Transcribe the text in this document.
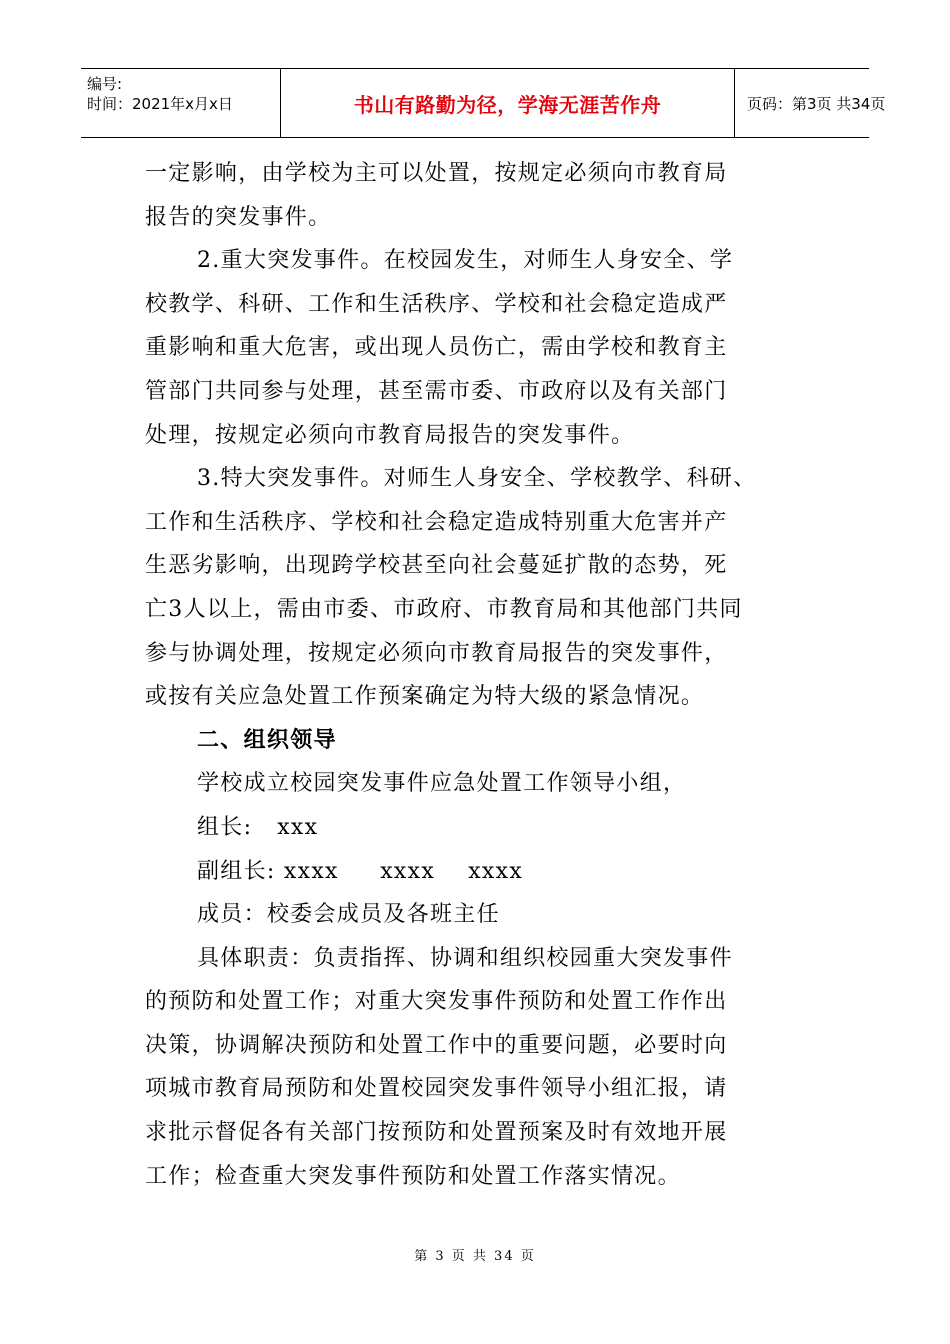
编号:
时间：2021年x月x日	书山有路勤为径，学海无涯苦作舟	页码：第3页 共34页
一定影响，由学校为主可以处置，按规定必须向市教育局
报告的突发事件。
2.重大突发事件。在校园发生，对师生人身安全、学
校教学、科研、工作和生活秩序、学校和社会稳定造成严
重影响和重大危害，或出现人员伤亡，需由学校和教育主
管部门共同参与处理，甚至需市委、市政府以及有关部门
处理，按规定必须向市教育局报告的突发事件。
3.特大突发事件。对师生人身安全、学校教学、科研、
工作和生活秩序、学校和社会稳定造成特别重大危害并产
生恶劣影响，出现跨学校甚至向社会蔓延扩散的态势，死
亡3人以上，需由市委、市政府、市教育局和其他部门共同
参与协调处理，按规定必须向市教育局报告的突发事件，
或按有关应急处置工作预案确定为特大级的紧急情况。
二、组织领导
学校成立校园突发事件应急处置工作领导小组，
组长:   xxx
副组长: xxxx     xxxx    xxxx
成员：校委会成员及各班主任
具体职责：负责指挥、协调和组织校园重大突发事件
的预防和处置工作；对重大突发事件预防和处置工作作出
决策，协调解决预防和处置工作中的重要问题，必要时向
项城市教育局预防和处置校园突发事件领导小组汇报，请
求批示督促各有关部门按预防和处置预案及时有效地开展
工作；检查重大突发事件预防和处置工作落实情况。
第 3 页 共 34 页
